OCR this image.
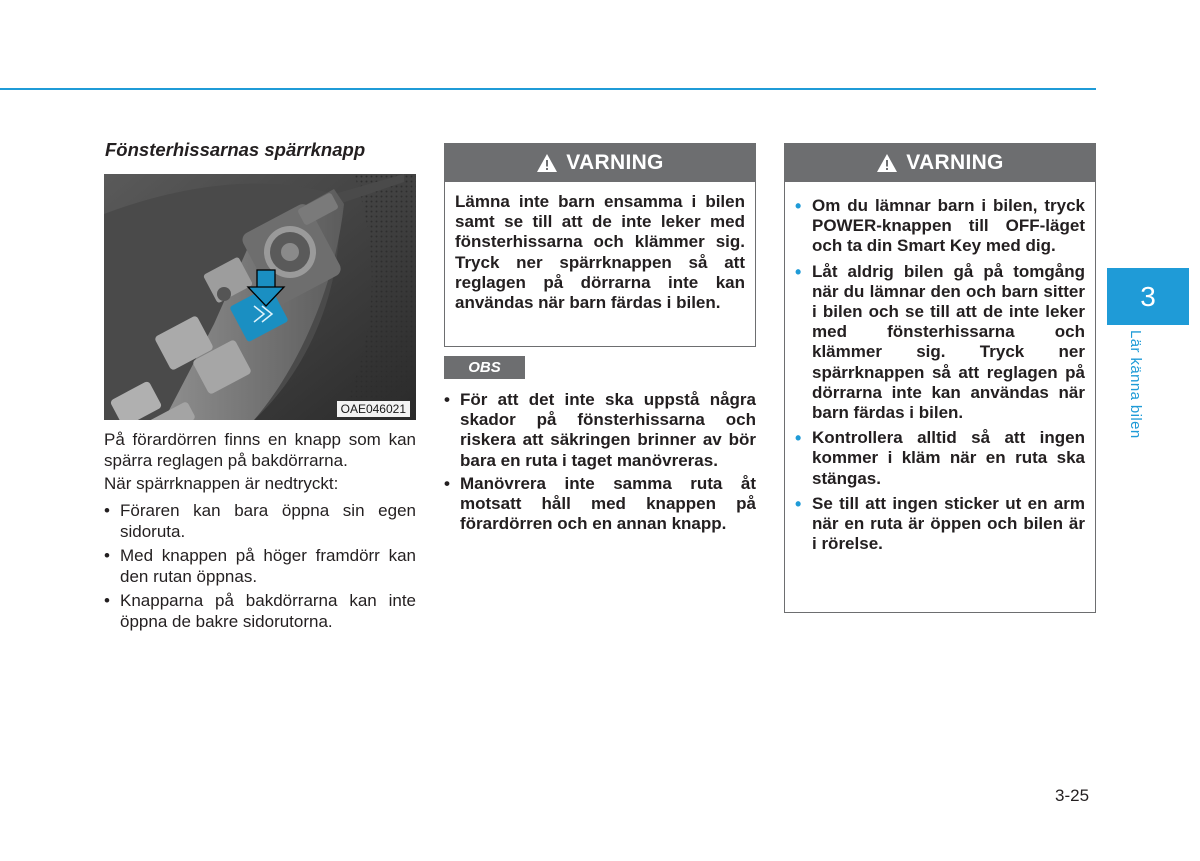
Fönsterhissarnas spärrknapp
OAE046021
På förardörren finns en knapp som kan spärra reglagen på bakdörrarna.
När spärrknappen är nedtryckt:
• Föraren kan bara öppna sin egen sidoruta.
• Med knappen på höger framdörr kan den rutan öppnas.
• Knapparna på bakdörrarna kan inte öppna de bakre sidorutorna.
VARNING
Lämna inte barn ensamma i bilen samt se till att de inte leker med fönsterhissarna och klämmer sig. Tryck ner spärrknappen så att reglagen på dörrarna inte kan användas när barn färdas i bilen.
OBS
• För att det inte ska uppstå några skador på fönsterhissarna och riskera att säkringen brinner av bör bara en ruta i taget manövreras.
• Manövrera inte samma ruta åt motsatt håll med knappen på förardörren och en annan knapp.
VARNING
• Om du lämnar barn i bilen, tryck POWER-knappen till OFF-läget och ta din Smart Key med dig.
• Låt aldrig bilen gå på tomgång när du lämnar den och barn sitter i bilen och se till att de inte leker med fönsterhissarna och klämmer sig. Tryck ner spärrknappen så att reglagen på dörrarna inte kan användas när barn färdas i bilen.
• Kontrollera alltid så att ingen kommer i kläm när en ruta ska stängas.
• Se till att ingen sticker ut en arm när en ruta är öppen och bilen är i rörelse.
3
Lär känna bilen
3-25
